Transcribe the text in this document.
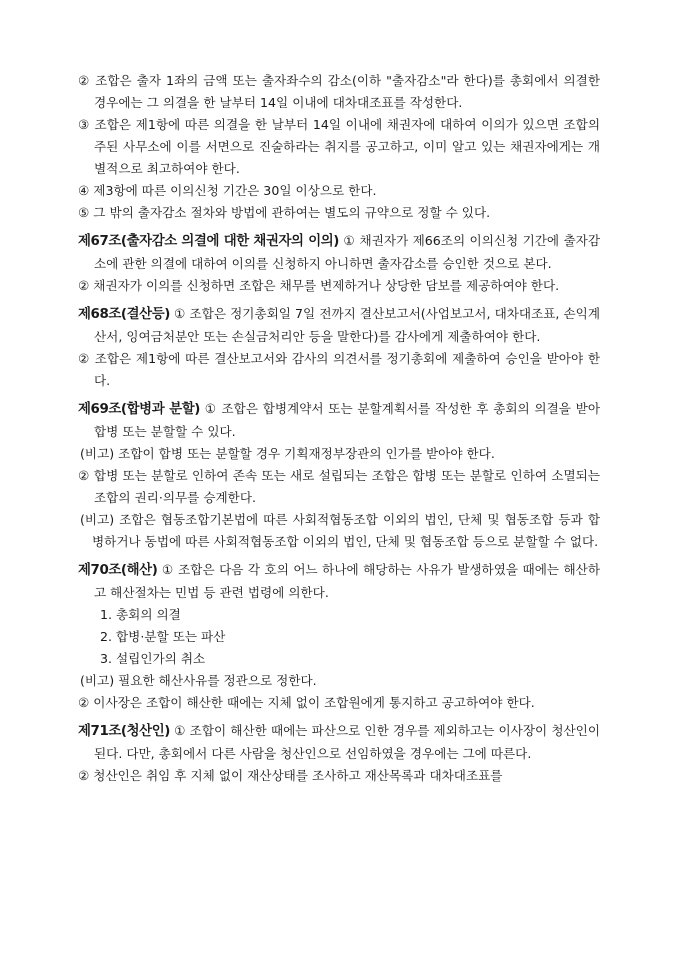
② 조합은 출자 1좌의 금액 또는 출자좌수의 감소(이하 "출자감소"라 한다)를 총회에서 의결한 경우에는 그 의결을 한 날부터 14일 이내에 대차대조표를 작성한다.

③ 조합은 제1항에 따른 의결을 한 날부터 14일 이내에 채권자에 대하여 이의가 있으면 조합의 주된 사무소에 이를 서면으로 진술하라는 취지를 공고하고, 이미 알고 있는 채권자에게는 개별적으로 최고하여야 한다.

④ 제3항에 따른 이의신청 기간은 30일 이상으로 한다.

⑤ 그 밖의 출자감소 절차와 방법에 관하여는 별도의 규약으로 정할 수 있다.

제67조(출자감소 의결에 대한 채권자의 이의) ① 채권자가 제66조의 이의신청 기간에 출자감소에 관한 의결에 대하여 이의를 신청하지 아니하면 출자감소를 승인한 것으로 본다.

② 채권자가 이의를 신청하면 조합은 채무를 변제하거나 상당한 담보를 제공하여야 한다.

제68조(결산등) ① 조합은 정기총회일 7일 전까지 결산보고서(사업보고서, 대차대조표, 손익계산서, 잉여금처분안 또는 손실금처리안 등을 말한다)를 감사에게 제출하여야 한다.

② 조합은 제1항에 따른 결산보고서와 감사의 의견서를 정기총회에 제출하여 승인을 받아야 한다.

제69조(합병과 분할) ① 조합은 합병계약서 또는 분할계획서를 작성한 후 총회의 의결을 받아 합병 또는 분할할 수 있다.

(비고) 조합이 합병 또는 분할할 경우 기획재정부장관의 인가를 받아야 한다.

② 합병 또는 분할로 인하여 존속 또는 새로 설립되는 조합은 합병 또는 분할로 인하여 소멸되는 조합의 권리·의무를 승계한다.

(비고) 조합은 협동조합기본법에 따른 사회적협동조합 이외의 법인, 단체 및 협동조합 등과 합병하거나 동법에 따른 사회적협동조합 이외의 법인, 단체 및 협동조합 등으로 분할할 수 없다.

제70조(해산) ① 조합은 다음 각 호의 어느 하나에 해당하는 사유가 발생하였을 때에는 해산하고 해산절차는 민법 등 관련 법령에 의한다.

1. 총회의 의결

2. 합병·분할 또는 파산

3. 설립인가의 취소

(비고) 필요한 해산사유를 정관으로 정한다.

② 이사장은 조합이 해산한 때에는 지체 없이 조합원에게 통지하고 공고하여야 한다.

제71조(청산인) ① 조합이 해산한 때에는 파산으로 인한 경우를 제외하고는 이사장이 청산인이 된다. 다만, 총회에서 다른 사람을 청산인으로 선임하였을 경우에는 그에 따른다.

② 청산인은 취임 후 지체 없이 재산상태를 조사하고 재산목록과 대차대조표를
